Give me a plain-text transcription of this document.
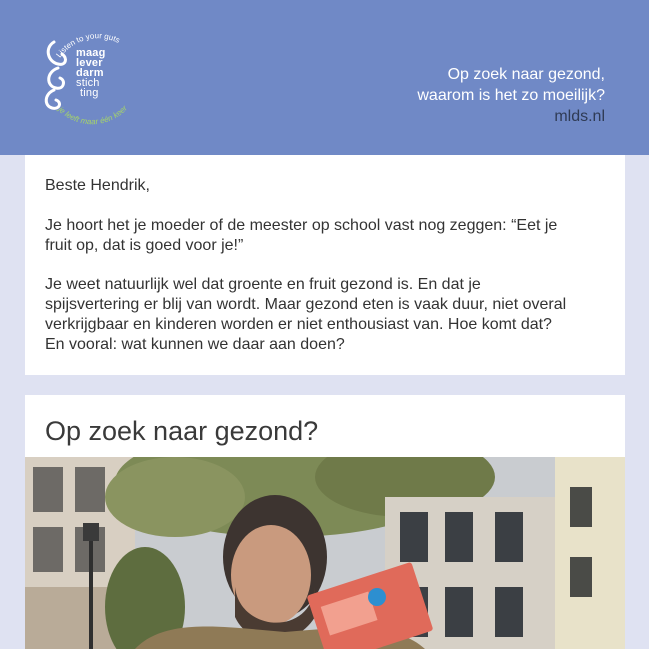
Listen to your guts
je leeft maar één keer
maag
lever
darm
stich
ting
Op zoek naar gezond,
waarom is het zo moeilijk?

mlds.nl

Beste Hendrik,

Je hoort het je moeder of de meester op school vast nog zeggen: “Eet je

fruit op, dat is goed voor je!”

Je weet natuurlijk wel dat groente en fruit gezond is. En dat je

spijsvertering er blij van wordt. Maar gezond eten is vaak duur, niet overal

verkrijgbaar en kinderen worden er niet enthousiast van. Hoe komt dat?

En vooral: wat kunnen we daar aan doen?

Op zoek naar gezond?
